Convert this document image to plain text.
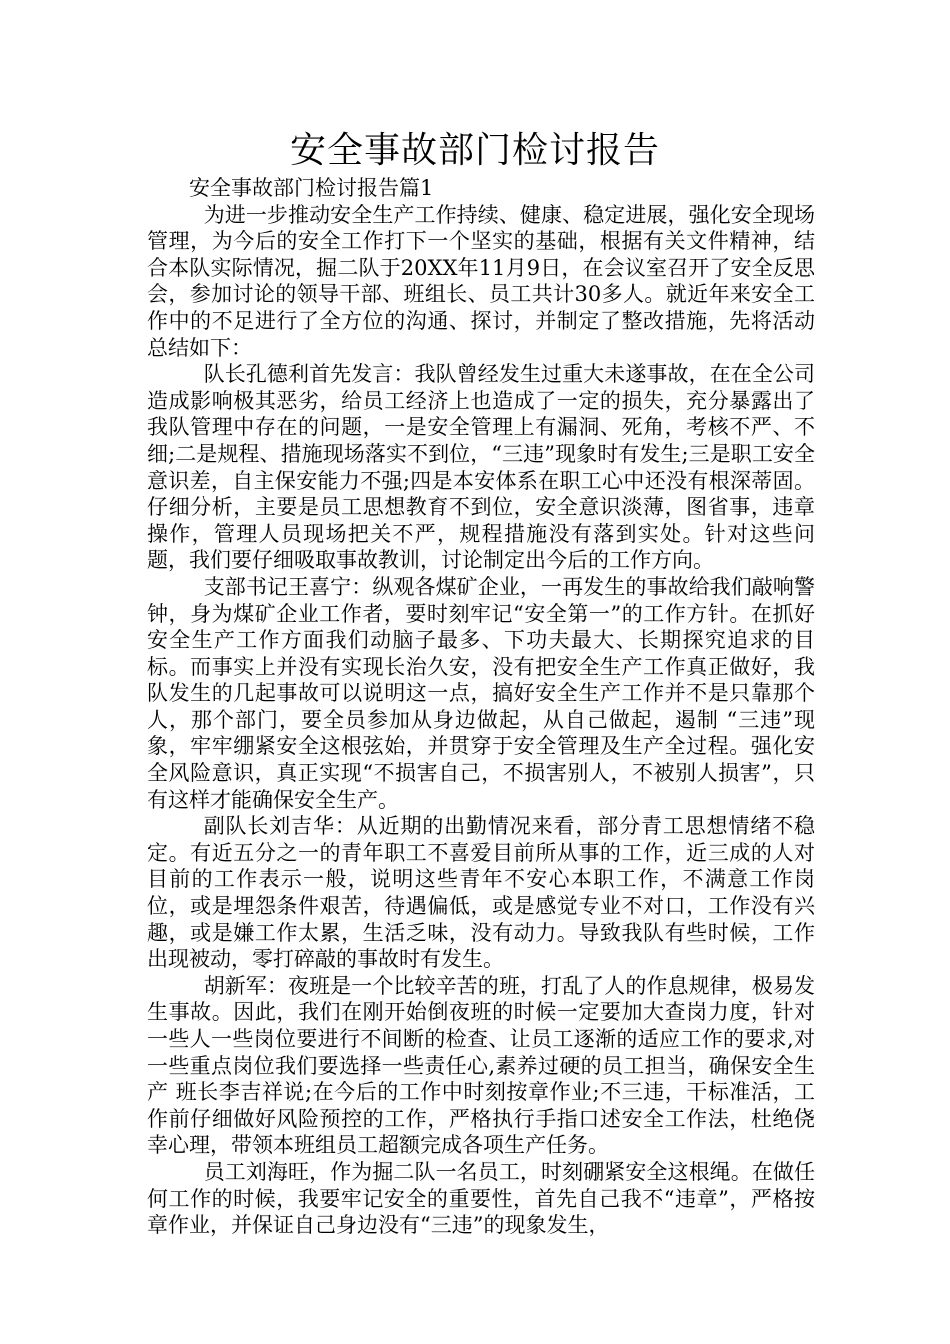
安全事故部门检讨报告

安全事故部门检讨报告篇1

为进一步推动安全生产工作持续、健康、稳定进展，强化安全现场管理，为今后的安全工作打下一个坚实的基础，根据有关文件精神，结合本队实际情况，掘二队于20XX年11月9日，在会议室召开了安全反思会，参加讨论的领导干部、班组长、员工共计30多人。就近年来安全工作中的不足进行了全方位的沟通、探讨，并制定了整改措施，先将活动总结如下：

队长孔德利首先发言：我队曾经发生过重大未遂事故，在在全公司造成影响极其恶劣，给员工经济上也造成了一定的损失，充分暴露出了我队管理中存在的问题，一是安全管理上有漏洞、死角，考核不严、不细;二是规程、措施现场落实不到位，“三违”现象时有发生;三是职工安全意识差，自主保安能力不强;四是本安体系在职工心中还没有根深蒂固。仔细分析，主要是员工思想教育不到位，安全意识淡薄，图省事，违章操作，管理人员现场把关不严，规程措施没有落到实处。针对这些问题，我们要仔细吸取事故教训，讨论制定出今后的工作方向。

支部书记王喜宁：纵观各煤矿企业，一再发生的事故给我们敲响警钟，身为煤矿企业工作者，要时刻牢记“安全第一”的工作方针。在抓好安全生产工作方面我们动脑子最多、下功夫最大、长期探究追求的目标。而事实上并没有实现长治久安，没有把安全生产工作真正做好，我队发生的几起事故可以说明这一点，搞好安全生产工作并不是只靠那个人，那个部门，要全员参加从身边做起，从自己做起，遏制 “三违”现象，牢牢绷紧安全这根弦始，并贯穿于安全管理及生产全过程。强化安全风险意识，真正实现“不损害自己，不损害别人，不被别人损害”，只有这样才能确保安全生产。

副队长刘吉华：从近期的出勤情况来看，部分青工思想情绪不稳定。有近五分之一的青年职工不喜爱目前所从事的工作，近三成的人对目前的工作表示一般，说明这些青年不安心本职工作，不满意工作岗位，或是埋怨条件艰苦，待遇偏低，或是感觉专业不对口，工作没有兴趣，或是嫌工作太累，生活乏味，没有动力。导致我队有些时候，工作出现被动，零打碎敲的事故时有发生。

胡新军：夜班是一个比较辛苦的班，打乱了人的作息规律，极易发生事故。因此，我们在刚开始倒夜班的时候一定要加大查岗力度，针对一些人一些岗位要进行不间断的检查、让员工逐渐的适应工作的要求,对一些重点岗位我们要选择一些责任心,素养过硬的员工担当，确保安全生产 班长李吉祥说;在今后的工作中时刻按章作业;不三违，干标准活，工作前仔细做好风险预控的工作，严格执行手指口述安全工作法，杜绝侥幸心理，带领本班组员工超额完成各项生产任务。

员工刘海旺，作为掘二队一名员工，时刻硼紧安全这根绳。在做任何工作的时候，我要牢记安全的重要性，首先自己我不“违章”，严格按章作业，并保证自己身边没有“三违”的现象发生，
